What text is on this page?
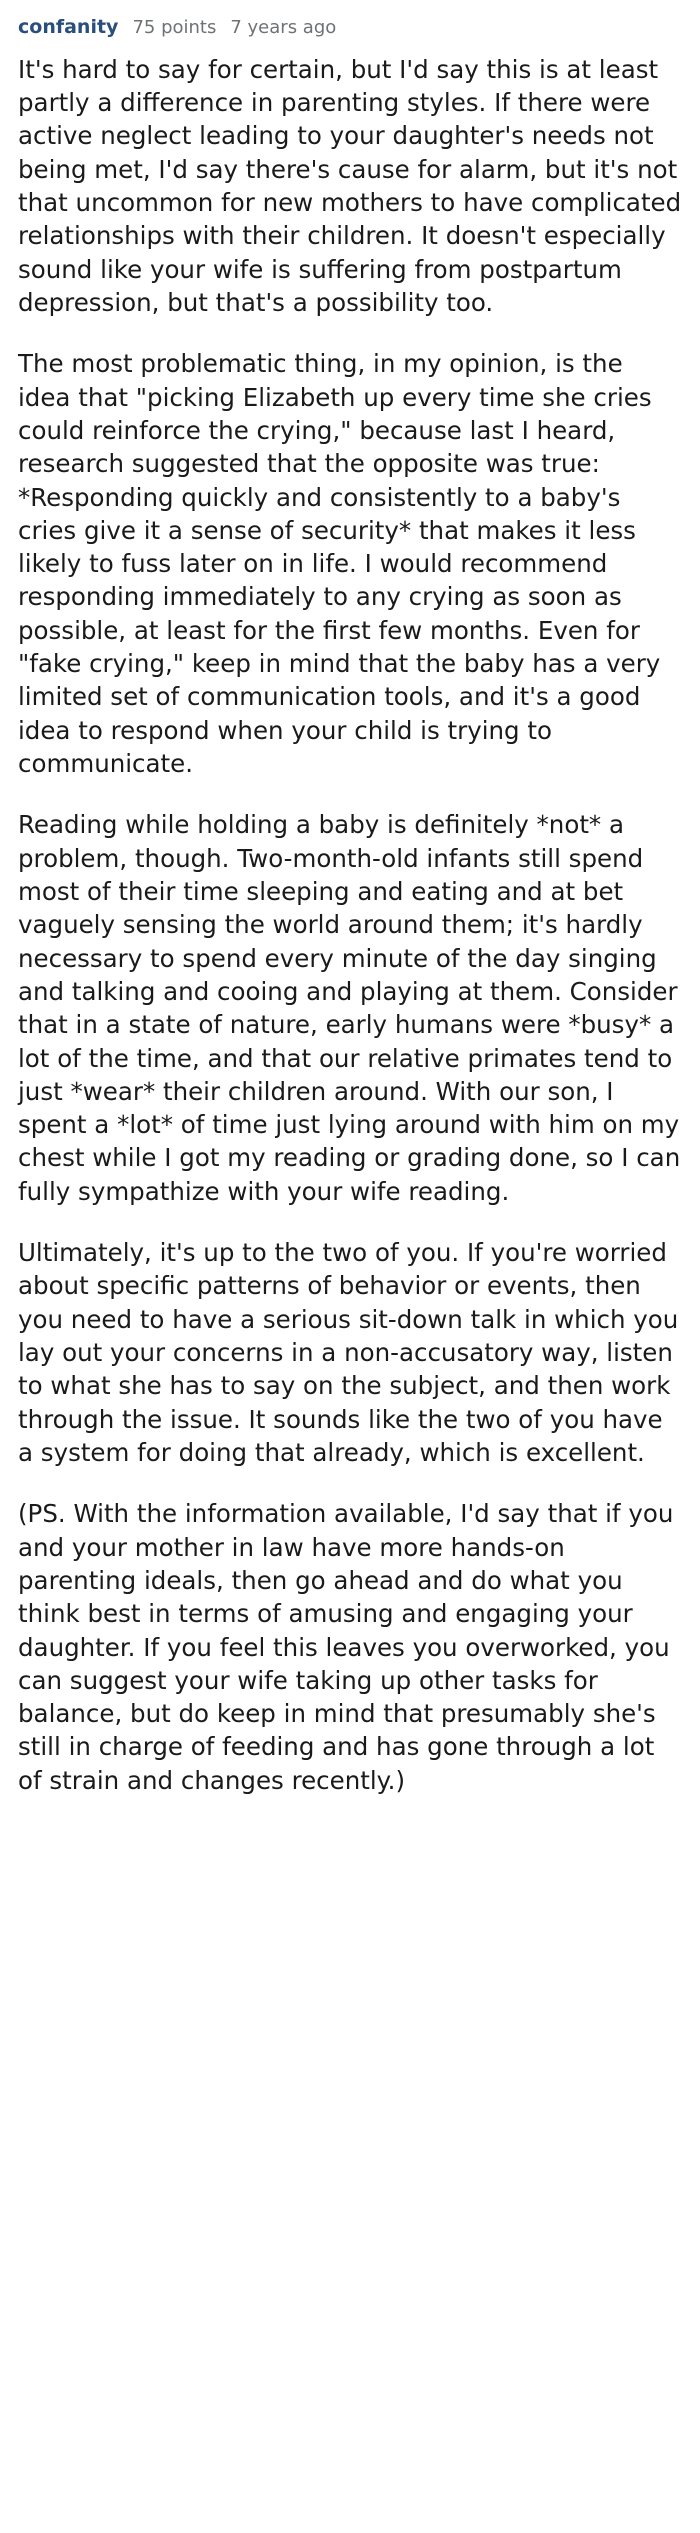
confanity 75 points 7 years ago

It's hard to say for certain, but I'd say this is at least partly a difference in parenting styles. If there were active neglect leading to your daughter's needs not being met, I'd say there's cause for alarm, but it's not that uncommon for new mothers to have complicated relationships with their children. It doesn't especially sound like your wife is suffering from postpartum depression, but that's a possibility too.

The most problematic thing, in my opinion, is the idea that "picking Elizabeth up every time she cries could reinforce the crying," because last I heard, research suggested that the opposite was true: *Responding quickly and consistently to a baby's cries give it a sense of security* that makes it less likely to fuss later on in life. I would recommend responding immediately to any crying as soon as possible, at least for the first few months. Even for "fake crying," keep in mind that the baby has a very limited set of communication tools, and it's a good idea to respond when your child is trying to communicate.

Reading while holding a baby is definitely *not* a problem, though. Two-month-old infants still spend most of their time sleeping and eating and at bet vaguely sensing the world around them; it's hardly necessary to spend every minute of the day singing and talking and cooing and playing at them. Consider that in a state of nature, early humans were *busy* a lot of the time, and that our relative primates tend to just *wear* their children around. With our son, I spent a *lot* of time just lying around with him on my chest while I got my reading or grading done, so I can fully sympathize with your wife reading.

Ultimately, it's up to the two of you. If you're worried about specific patterns of behavior or events, then you need to have a serious sit-down talk in which you lay out your concerns in a non-accusatory way, listen to what she has to say on the subject, and then work through the issue. It sounds like the two of you have a system for doing that already, which is excellent.

(PS. With the information available, I'd say that if you and your mother in law have more hands-on parenting ideals, then go ahead and do what you think best in terms of amusing and engaging your daughter. If you feel this leaves you overworked, you can suggest your wife taking up other tasks for balance, but do keep in mind that presumably she's still in charge of feeding and has gone through a lot of strain and changes recently.)
